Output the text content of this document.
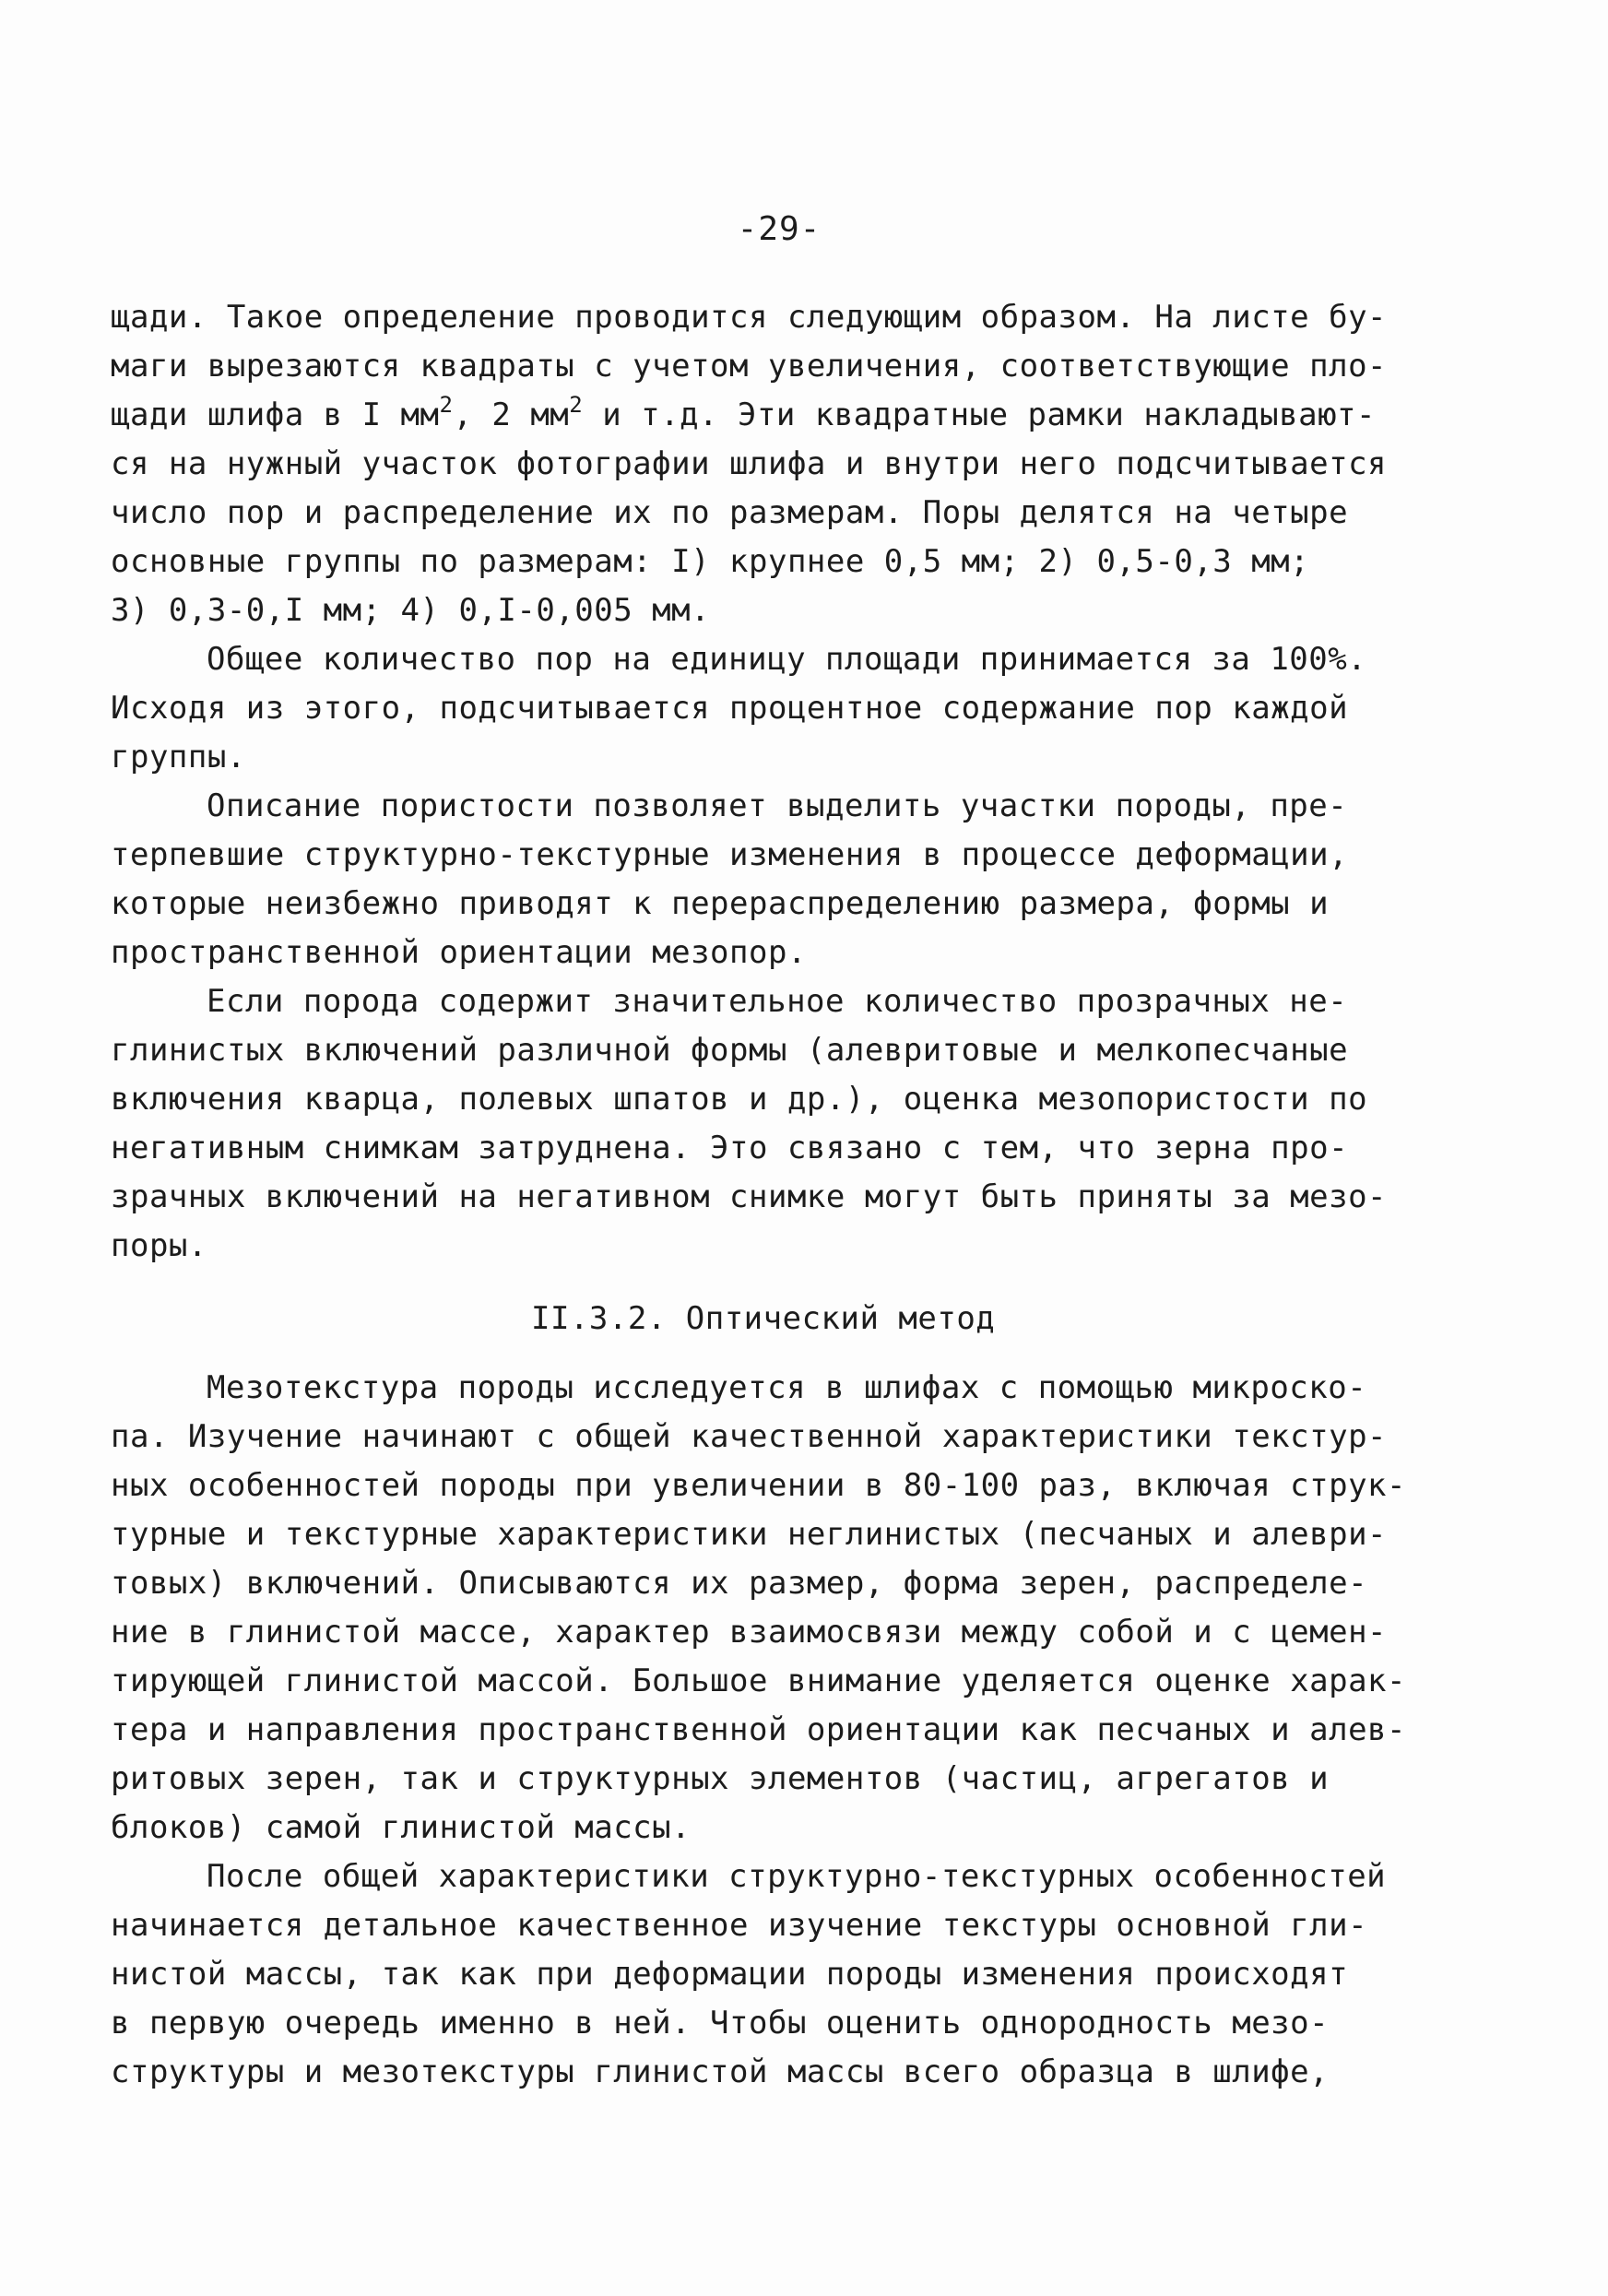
-29-

щади. Такое определение проводится следующим образом. На листе бу-
маги вырезаются квадраты с учетом увеличения, соответствующие пло-
щади шлифа в I $мм^2$, 2 $мм^2$ и т.д. Эти квадратные рамки накладывают-
ся на нужный участок фотографии шлифа и внутри него подсчитывается
число пор и распределение их по размерам. Поры делятся на четыре
основные группы по размерам: I) крупнее 0,5 мм; 2) 0,5-0,3 мм;
3) 0,3-0,I мм; 4) 0,I-0,005 мм.
Общее количество пор на единицу площади принимается за 100%.
Исходя из этого, подсчитывается процентное содержание пор каждой
группы.
Описание пористости позволяет выделить участки породы, пре-
терпевшие структурно-текстурные изменения в процессе деформации,
которые неизбежно приводят к перераспределению размера, формы и
пространственной ориентации мезопор.
Если порода содержит значительное количество прозрачных не-
глинистых включений различной формы (алевритовые и мелкопесчаные
включения кварца, полевых шпатов и др.), оценка мезопористости по
негативным снимкам затруднена. Это связано с тем, что зерна про-
зрачных включений на негативном снимке могут быть приняты за мезо-
поры.
II.3.2. Оптический метод
Мезотекстура породы исследуется в шлифах с помощью микроско-
па. Изучение начинают с общей качественной характеристики текстур-
ных особенностей породы при увеличении в 80-100 раз, включая струк-
турные и текстурные характеристики неглинистых (песчаных и алеври-
товых) включений. Описываются их размер, форма зерен, распределе-
ние в глинистой массе, характер взаимосвязи между собой и с цемен-
тирующей глинистой массой. Большое внимание уделяется оценке харак-
тера и направления пространственной ориентации как песчаных и алев-
ритовых зерен, так и структурных элементов (частиц, агрегатов и
блоков) самой глинистой массы.
После общей характеристики структурно-текстурных особенностей
начинается детальное качественное изучение текстуры основной гли-
нистой массы, так как при деформации породы изменения происходят
в первую очередь именно в ней. Чтобы оценить однородность мезо-
структуры и мезотекстуры глинистой массы всего образца в шлифе,
